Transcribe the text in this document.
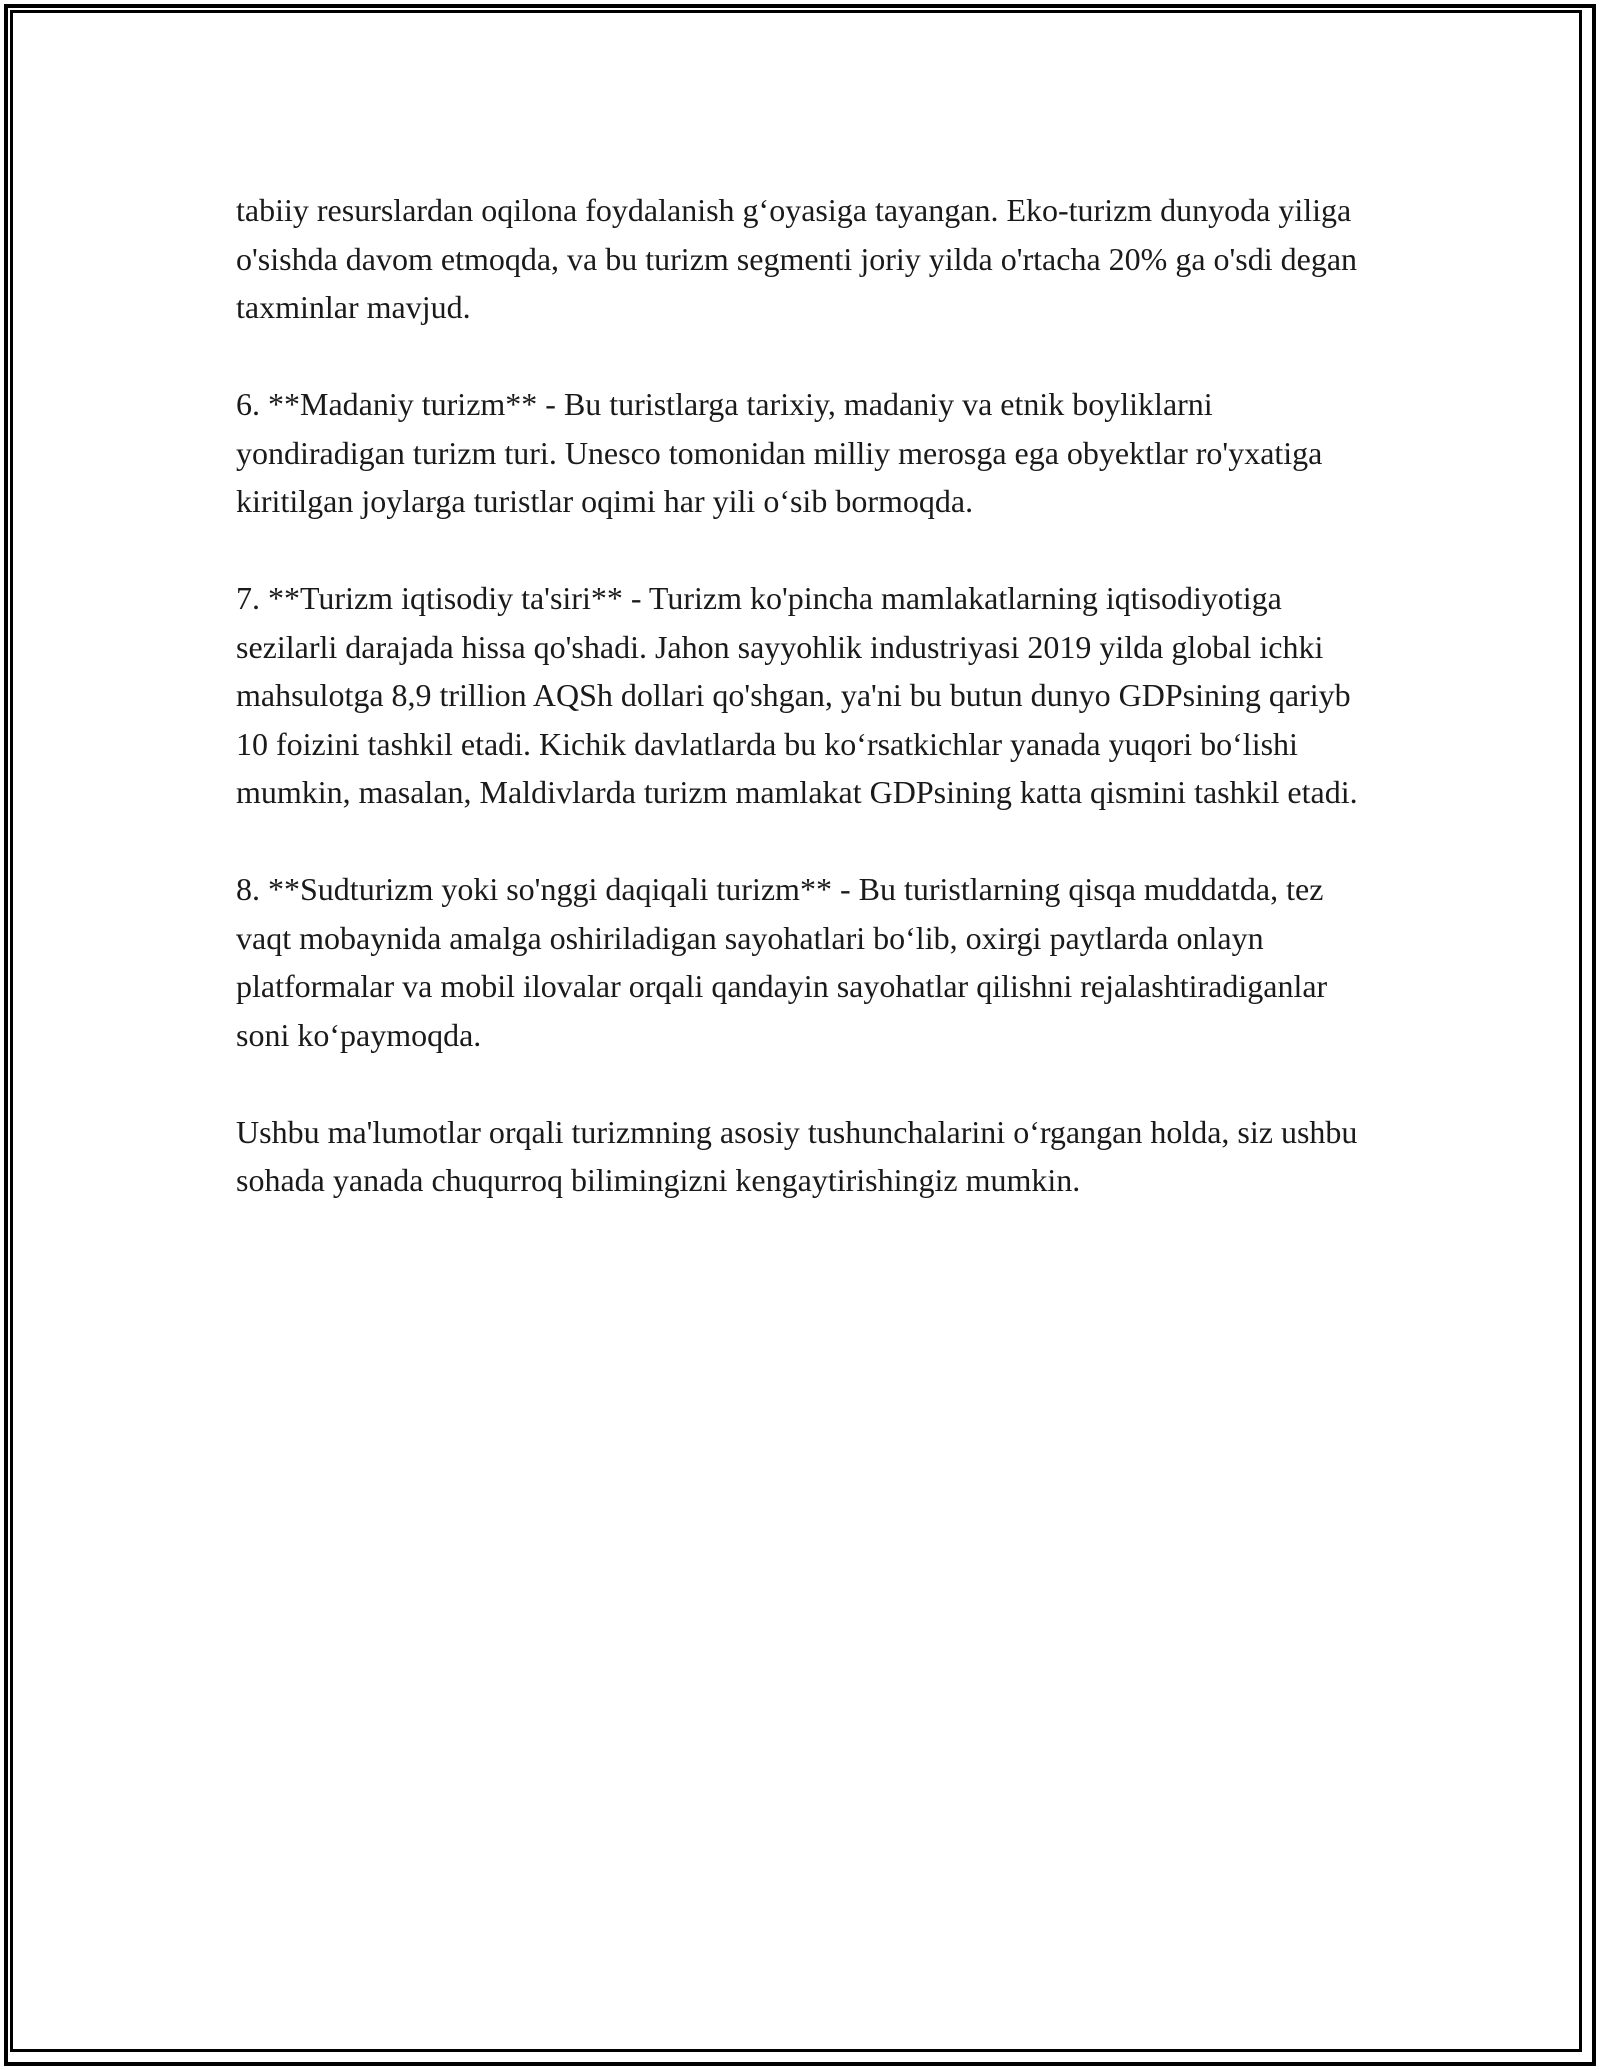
tabiiy resurslardan oqilona foydalanish g‘oyasiga tayangan. Eko-turizm dunyoda yiliga o'sishda davom etmoqda, va bu turizm segmenti joriy yilda o'rtacha 20% ga o'sdi degan taxminlar mavjud.

6. **Madaniy turizm** - Bu turistlarga tarixiy, madaniy va etnik boyliklarni yondiradigan turizm turi. Unesco tomonidan milliy merosga ega obyektlar ro'yxatiga kiritilgan joylarga turistlar oqimi har yili o‘sib bormoqda.

7. **Turizm iqtisodiy ta'siri** - Turizm ko'pincha mamlakatlarning iqtisodiyotiga sezilarli darajada hissa qo'shadi. Jahon sayyohlik industriyasi 2019 yilda global ichki mahsulotga 8,9 trillion AQSh dollari qo'shgan, ya'ni bu butun dunyo GDPsining qariyb 10 foizini tashkil etadi. Kichik davlatlarda bu ko‘rsatkichlar yanada yuqori bo‘lishi mumkin, masalan, Maldivlarda turizm mamlakat GDPsining katta qismini tashkil etadi.

8. **Sudturizm yoki so'nggi daqiqali turizm** - Bu turistlarning qisqa muddatda, tez vaqt mobaynida amalga oshiriladigan sayohatlari bo‘lib, oxirgi paytlarda onlayn platformalar va mobil ilovalar orqali qandayin sayohatlar qilishni rejalashtiradiganlar soni ko‘paymoqda.

Ushbu ma'lumotlar orqali turizmning asosiy tushunchalarini o‘rgangan holda, siz ushbu sohada yanada chuqurroq bilimingizni kengaytirishingiz mumkin.
